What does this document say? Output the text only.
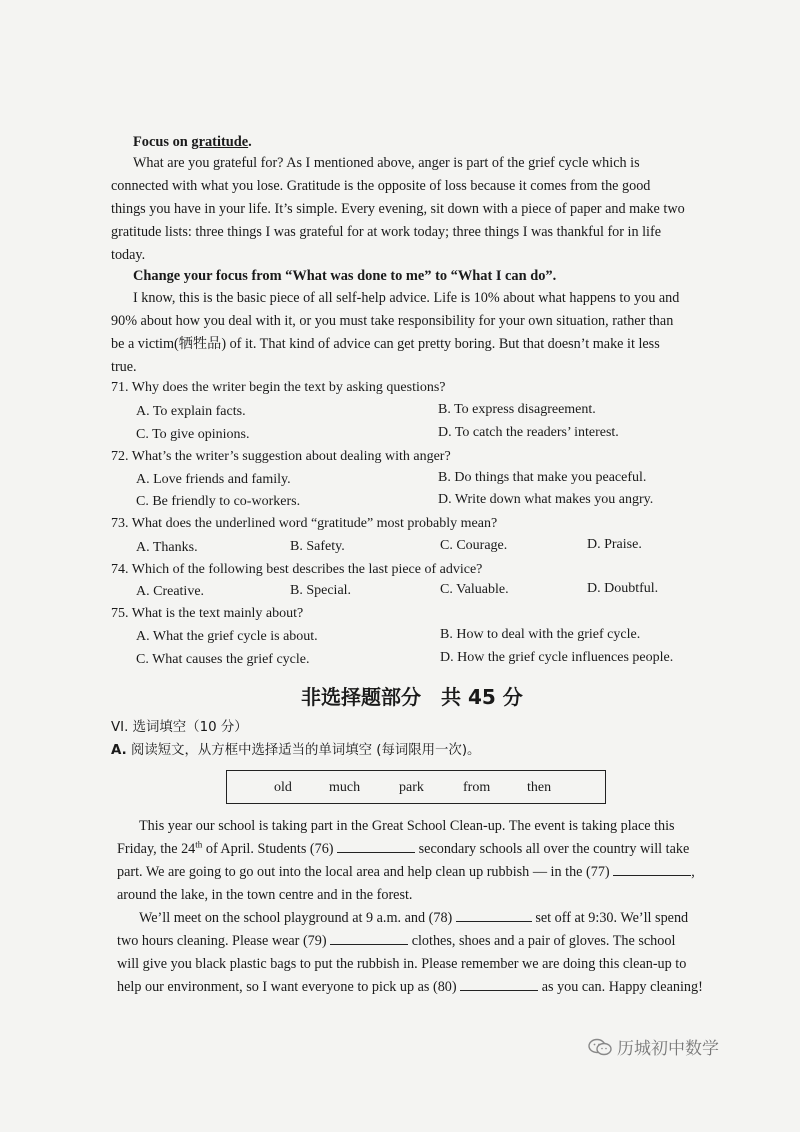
Focus on gratitude.
What are you grateful for? As I mentioned above, anger is part of the grief cycle which is
connected with what you lose. Gratitude is the opposite of loss because it comes from the good
things you have in your life. It’s simple. Every evening, sit down with a piece of paper and make two
gratitude lists: three things I was grateful for at work today; three things I was thankful for in life
today.
Change your focus from “What was done to me” to “What I can do”.
I know, this is the basic piece of all self-help advice. Life is 10% about what happens to you and
90% about how you deal with it, or you must take responsibility for your own situation, rather than
be a victim(牺牲品) of it. That kind of advice can get pretty boring. But that doesn’t make it less
true.
71. Why does the writer begin the text by asking questions?
A. To explain facts.	B. To express disagreement.
C. To give opinions.	D. To catch the readers’ interest.
72. What’s the writer’s suggestion about dealing with anger?
A. Love friends and family.	B. Do things that make you peaceful.
C. Be friendly to co-workers.	D. Write down what makes you angry.
73. What does the underlined word “gratitude” most probably mean?
A. Thanks.	B. Safety.	C. Courage.	D. Praise.
74. Which of the following best describes the last piece of advice?
A. Creative.	B. Special.	C. Valuable.	D. Doubtful.
75. What is the text mainly about?
A. What the grief cycle is about.	B. How to deal with the grief cycle.
C. What causes the grief cycle.	D. How the grief cycle influences people.
非选择题部分　共 45 分
VI. 选词填空（10 分）
A. 阅读短文，从方框中选择适当的单词填空 (每词限用一次)。
old	much	park	from	then
This year our school is taking part in the Great School Clean-up. The event is taking place this
Friday, the 24th of April. Students (76)	secondary schools all over the country will take
part. We are going to go out into the local area and help clean up rubbish — in the (77)	,
around the lake, in the town centre and in the forest.
We’ll meet on the school playground at 9 a.m. and (78)	set off at 9:30. We’ll spend
two hours cleaning. Please wear (79)	clothes, shoes and a pair of gloves. The school
will give you black plastic bags to put the rubbish in. Please remember we are doing this clean-up to
help our environment, so I want everyone to pick up as (80)	as you can. Happy cleaning!
历城初中数学
